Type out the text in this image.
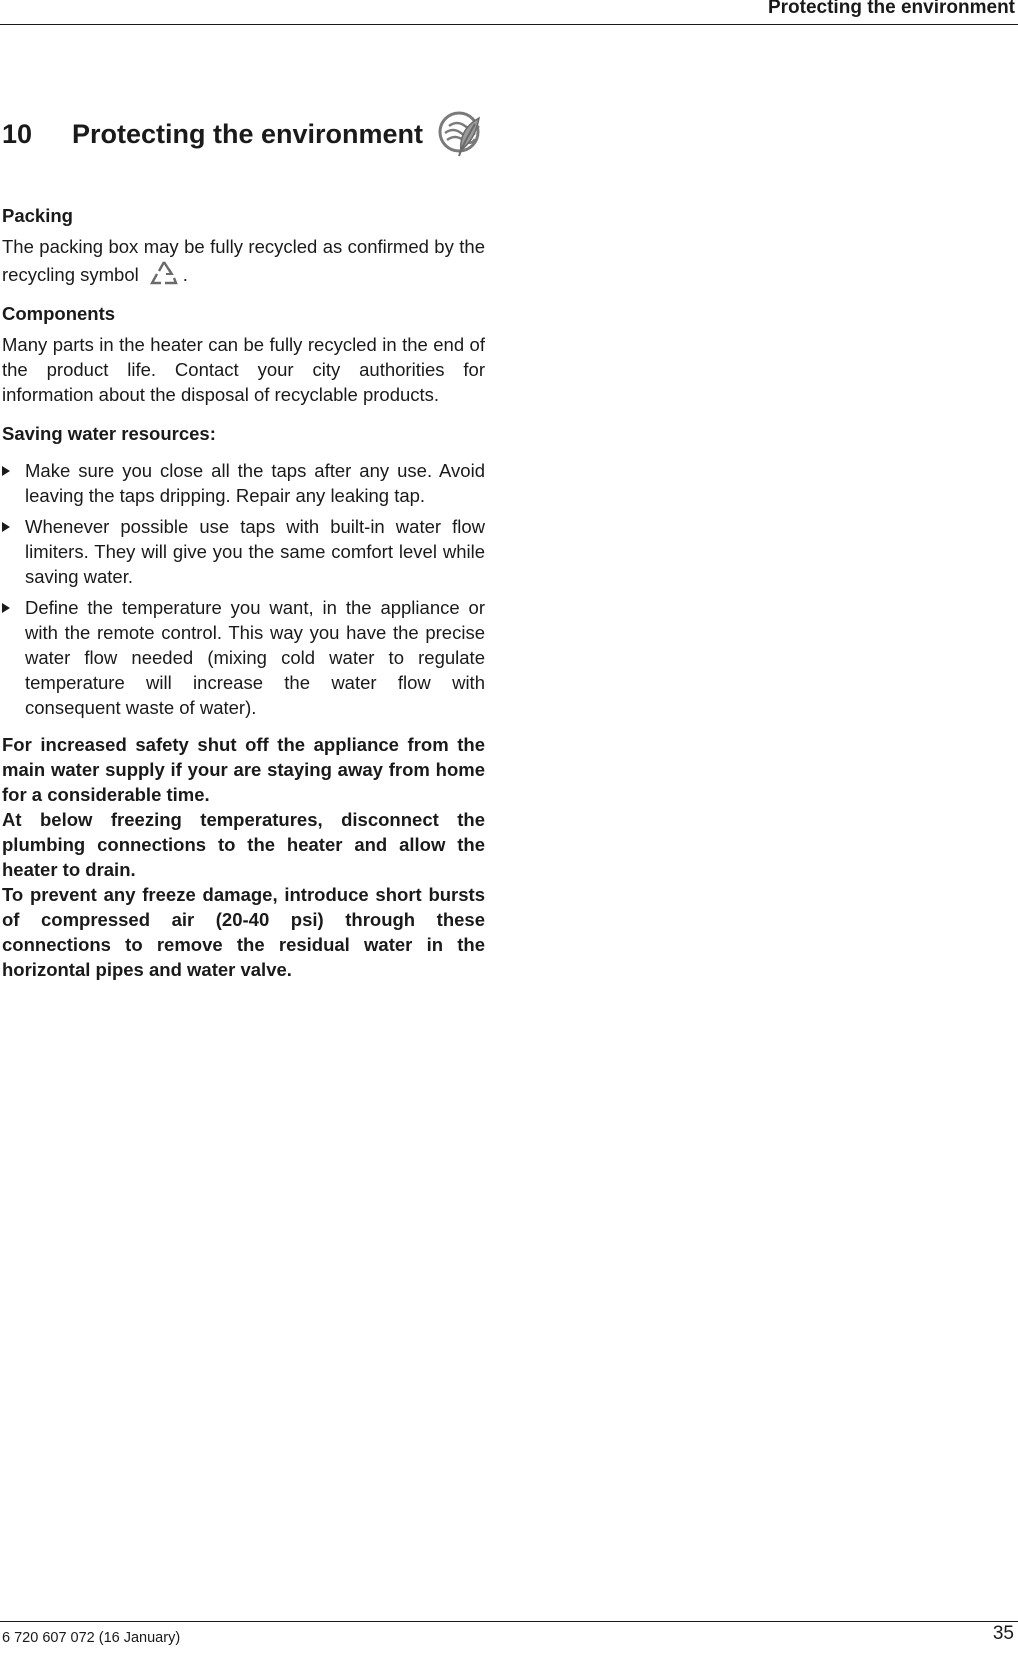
Protecting the environment
10	Protecting the environment
Packing

The packing box may be fully recycled as confirmed by the recycling symbol .

Components

Many parts in the heater can be fully recycled in the end of the product life. Contact your city authorities for information about the disposal of recyclable products.

Saving water resources:
Make sure you close all the taps after any use. Avoid leaving the taps dripping. Repair any leaking tap.
Whenever possible use taps with built-in water flow limiters. They will give you the same comfort level while saving water.
Define the temperature you want, in the appliance or with the remote control. This way you have the precise water flow needed (mixing cold water to regulate temperature will increase the water flow with consequent waste of water).

For increased safety shut off the appliance from the main water supply if your are staying away from home for a considerable time.

At below freezing temperatures, disconnect the plumbing connections to the heater and allow the heater to drain.

To prevent any freeze damage, introduce short bursts of compressed air (20-40 psi) through these connections to remove the residual water in the horizontal pipes and water valve.

6 720 607 072 (16 January)	35
